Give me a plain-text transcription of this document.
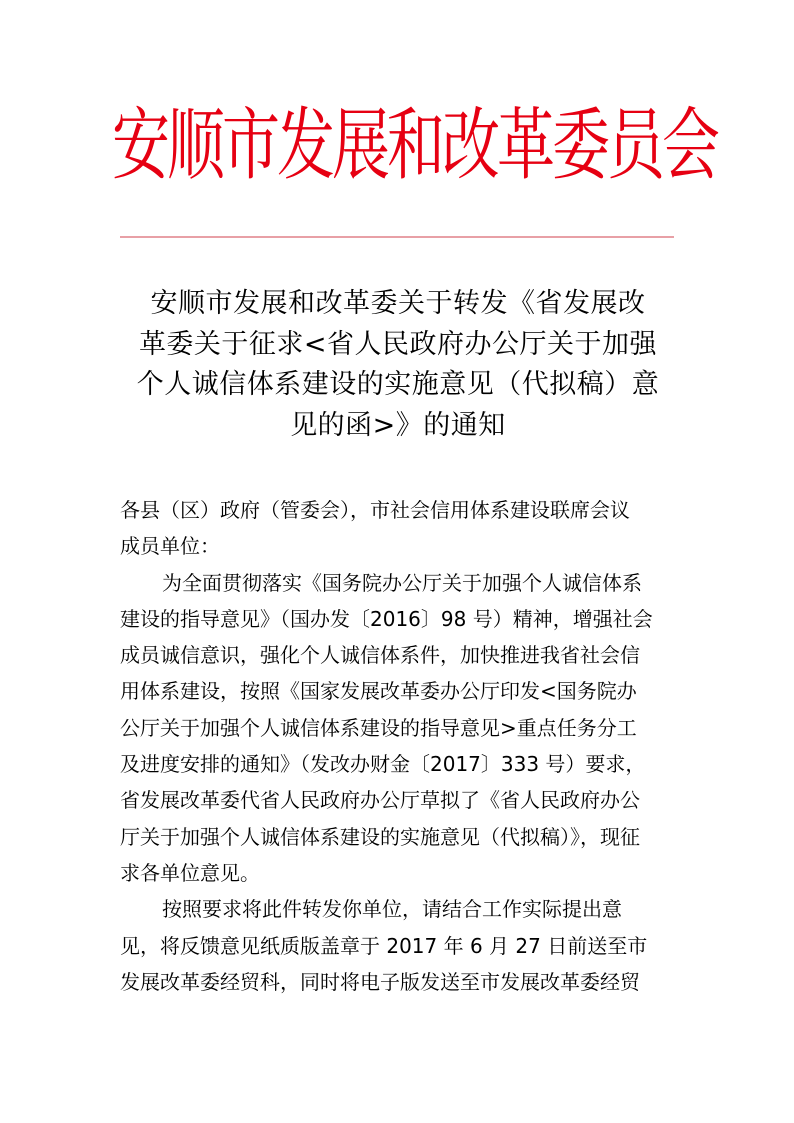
安顺市发展和改革委员会
安顺市发展和改革委关于转发《省发展改
革委关于征求<省人民政府办公厅关于加强
个人诚信体系建设的实施意见（代拟稿）意
见的函>》的通知
各县（区）政府（管委会），市社会信用体系建设联席会议
成员单位：
为全面贯彻落实《国务院办公厅关于加强个人诚信体系
建设的指导意见》（国办发〔2016〕98 号）精神，增强社会
成员诚信意识，强化个人诚信体系件，加快推进我省社会信
用体系建设，按照《国家发展改革委办公厅印发<国务院办
公厅关于加强个人诚信体系建设的指导意见>重点任务分工
及进度安排的通知》（发改办财金〔2017〕333 号）要求，
省发展改革委代省人民政府办公厅草拟了《省人民政府办公
厅关于加强个人诚信体系建设的实施意见（代拟稿）》，现征
求各单位意见。
按照要求将此件转发你单位，请结合工作实际提出意
见，将反馈意见纸质版盖章于 2017 年 6 月 27 日前送至市
发展改革委经贸科，同时将电子版发送至市发展改革委经贸
